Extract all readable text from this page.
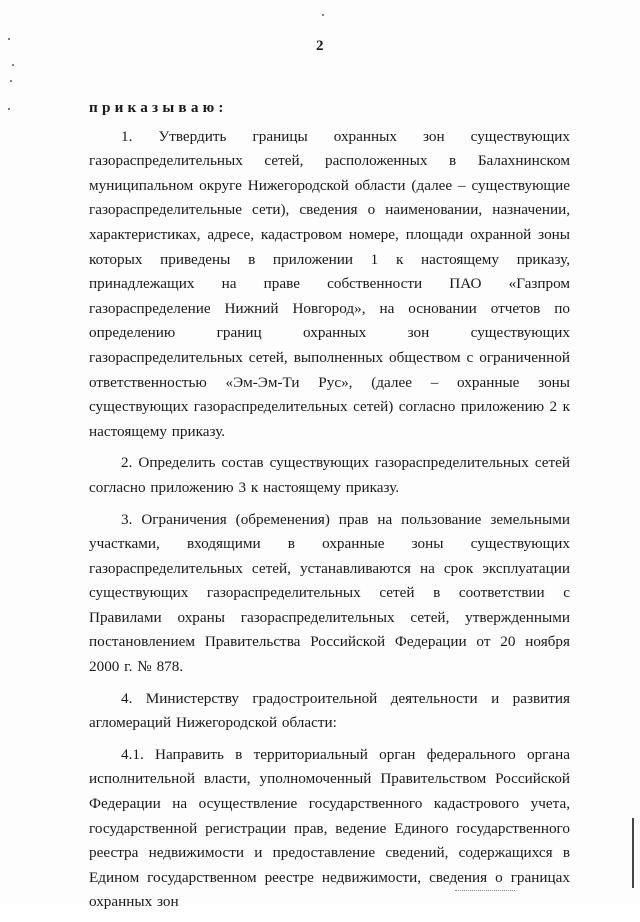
2

приказываю:

1. Утвердить границы охранных зон существующих газораспределительных сетей, расположенных в Балахнинском муниципальном округе Нижегородской области (далее – существующие газораспределительные сети), сведения о наименовании, назначении, характеристиках, адресе, кадастровом номере, площади охранной зоны которых приведены в приложении 1 к настоящему приказу, принадлежащих на праве собственности ПАО «Газпром газораспределение Нижний Новгород», на основании отчетов по определению границ охранных зон существующих газораспределительных сетей, выполненных обществом с ограниченной ответственностью «Эм-Эм-Ти Рус», (далее – охранные зоны существующих газораспределительных сетей) согласно приложению 2 к настоящему приказу.

2. Определить состав существующих газораспределительных сетей согласно приложению 3 к настоящему приказу.

3. Ограничения (обременения) прав на пользование земельными участками, входящими в охранные зоны существующих газораспределительных сетей, устанавливаются на срок эксплуатации существующих газораспределительных сетей в соответствии с Правилами охраны газораспределительных сетей, утвержденными постановлением Правительства Российской Федерации от 20 ноября 2000 г. № 878.

4. Министерству градостроительной деятельности и развития агломераций Нижегородской области:

4.1. Направить в территориальный орган федерального органа исполнительной власти, уполномоченный Правительством Российской Федерации на осуществление государственного кадастрового учета, государственной регистрации прав, ведение Единого государственного реестра недвижимости и предоставление сведений, содержащихся в Едином государственном реестре недвижимости, сведения о границах охранных зон
